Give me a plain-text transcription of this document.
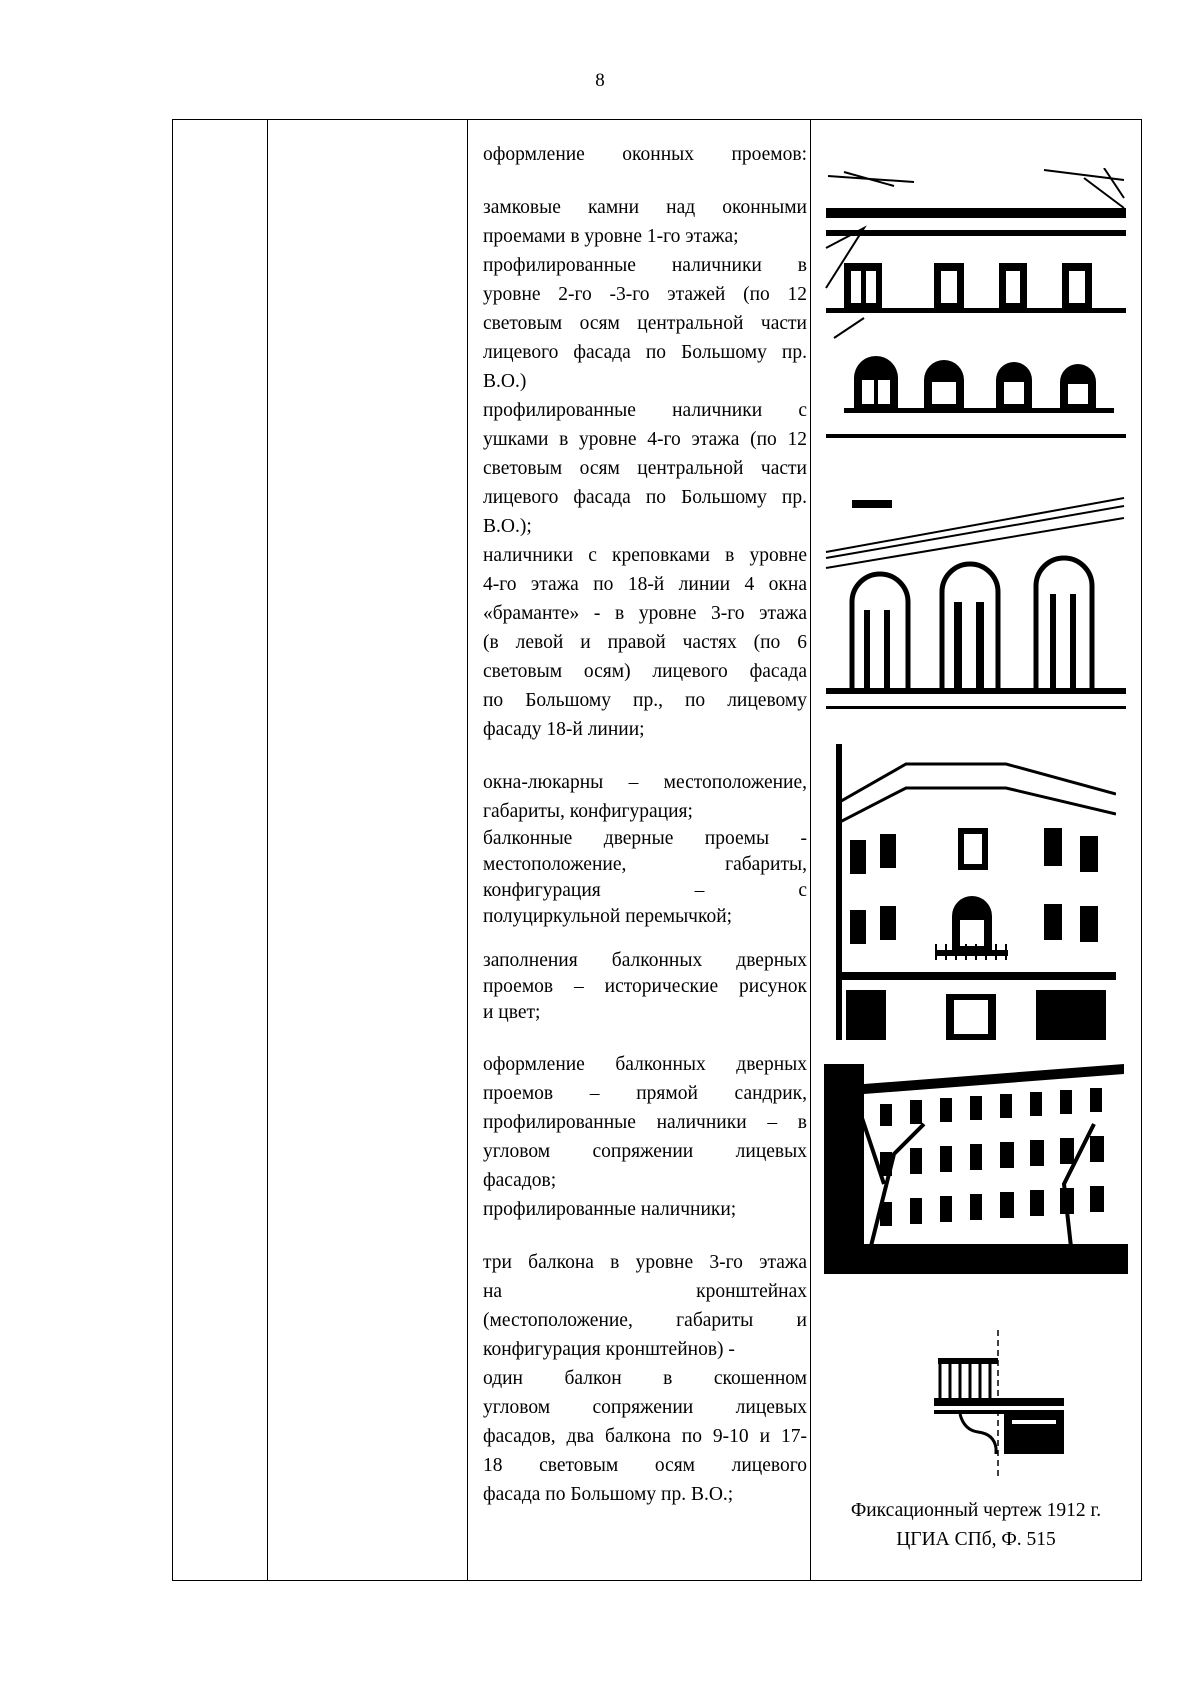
8

оформление оконных проемов:

замковые камни над оконными
проемами в уровне 1-го этажа;

профилированные наличники в
уровне 2-го -3-го этажей (по 12
световым осям центральной части
лицевого фасада по Большому пр.
В.О.)

профилированные наличники с
ушками в уровне 4-го этажа (по 12
световым осям центральной части
лицевого фасада по Большому пр.
В.О.);

наличники с креповками в уровне
4-го этажа по 18-й линии 4 окна
«браманте» - в уровне 3-го этажа
(в левой и правой частях (по 6
световым осям) лицевого фасада
по Большому пр., по лицевому
фасаду 18-й линии;

окна-люкарны – местоположение,
габариты, конфигурация;

балконные дверные проемы -
местоположение, габариты,
конфигурация – с
полуциркульной перемычкой;

заполнения балконных дверных
проемов – исторические рисунок
и цвет;

оформление балконных дверных
проемов – прямой сандрик,
профилированные наличники – в
угловом сопряжении лицевых
фасадов;

профилированные наличники;

три балкона в уровне 3-го этажа
на кронштейнах
(местоположение, габариты и
конфигурация кронштейнов) -
один балкон в скошенном
угловом сопряжении лицевых
фасадов, два балкона по 9-10 и 17-
18 световым осям лицевого
фасада по Большому пр. В.О.;

Фиксационный чертеж 1912 г.
ЦГИА СПб, Ф. 515
